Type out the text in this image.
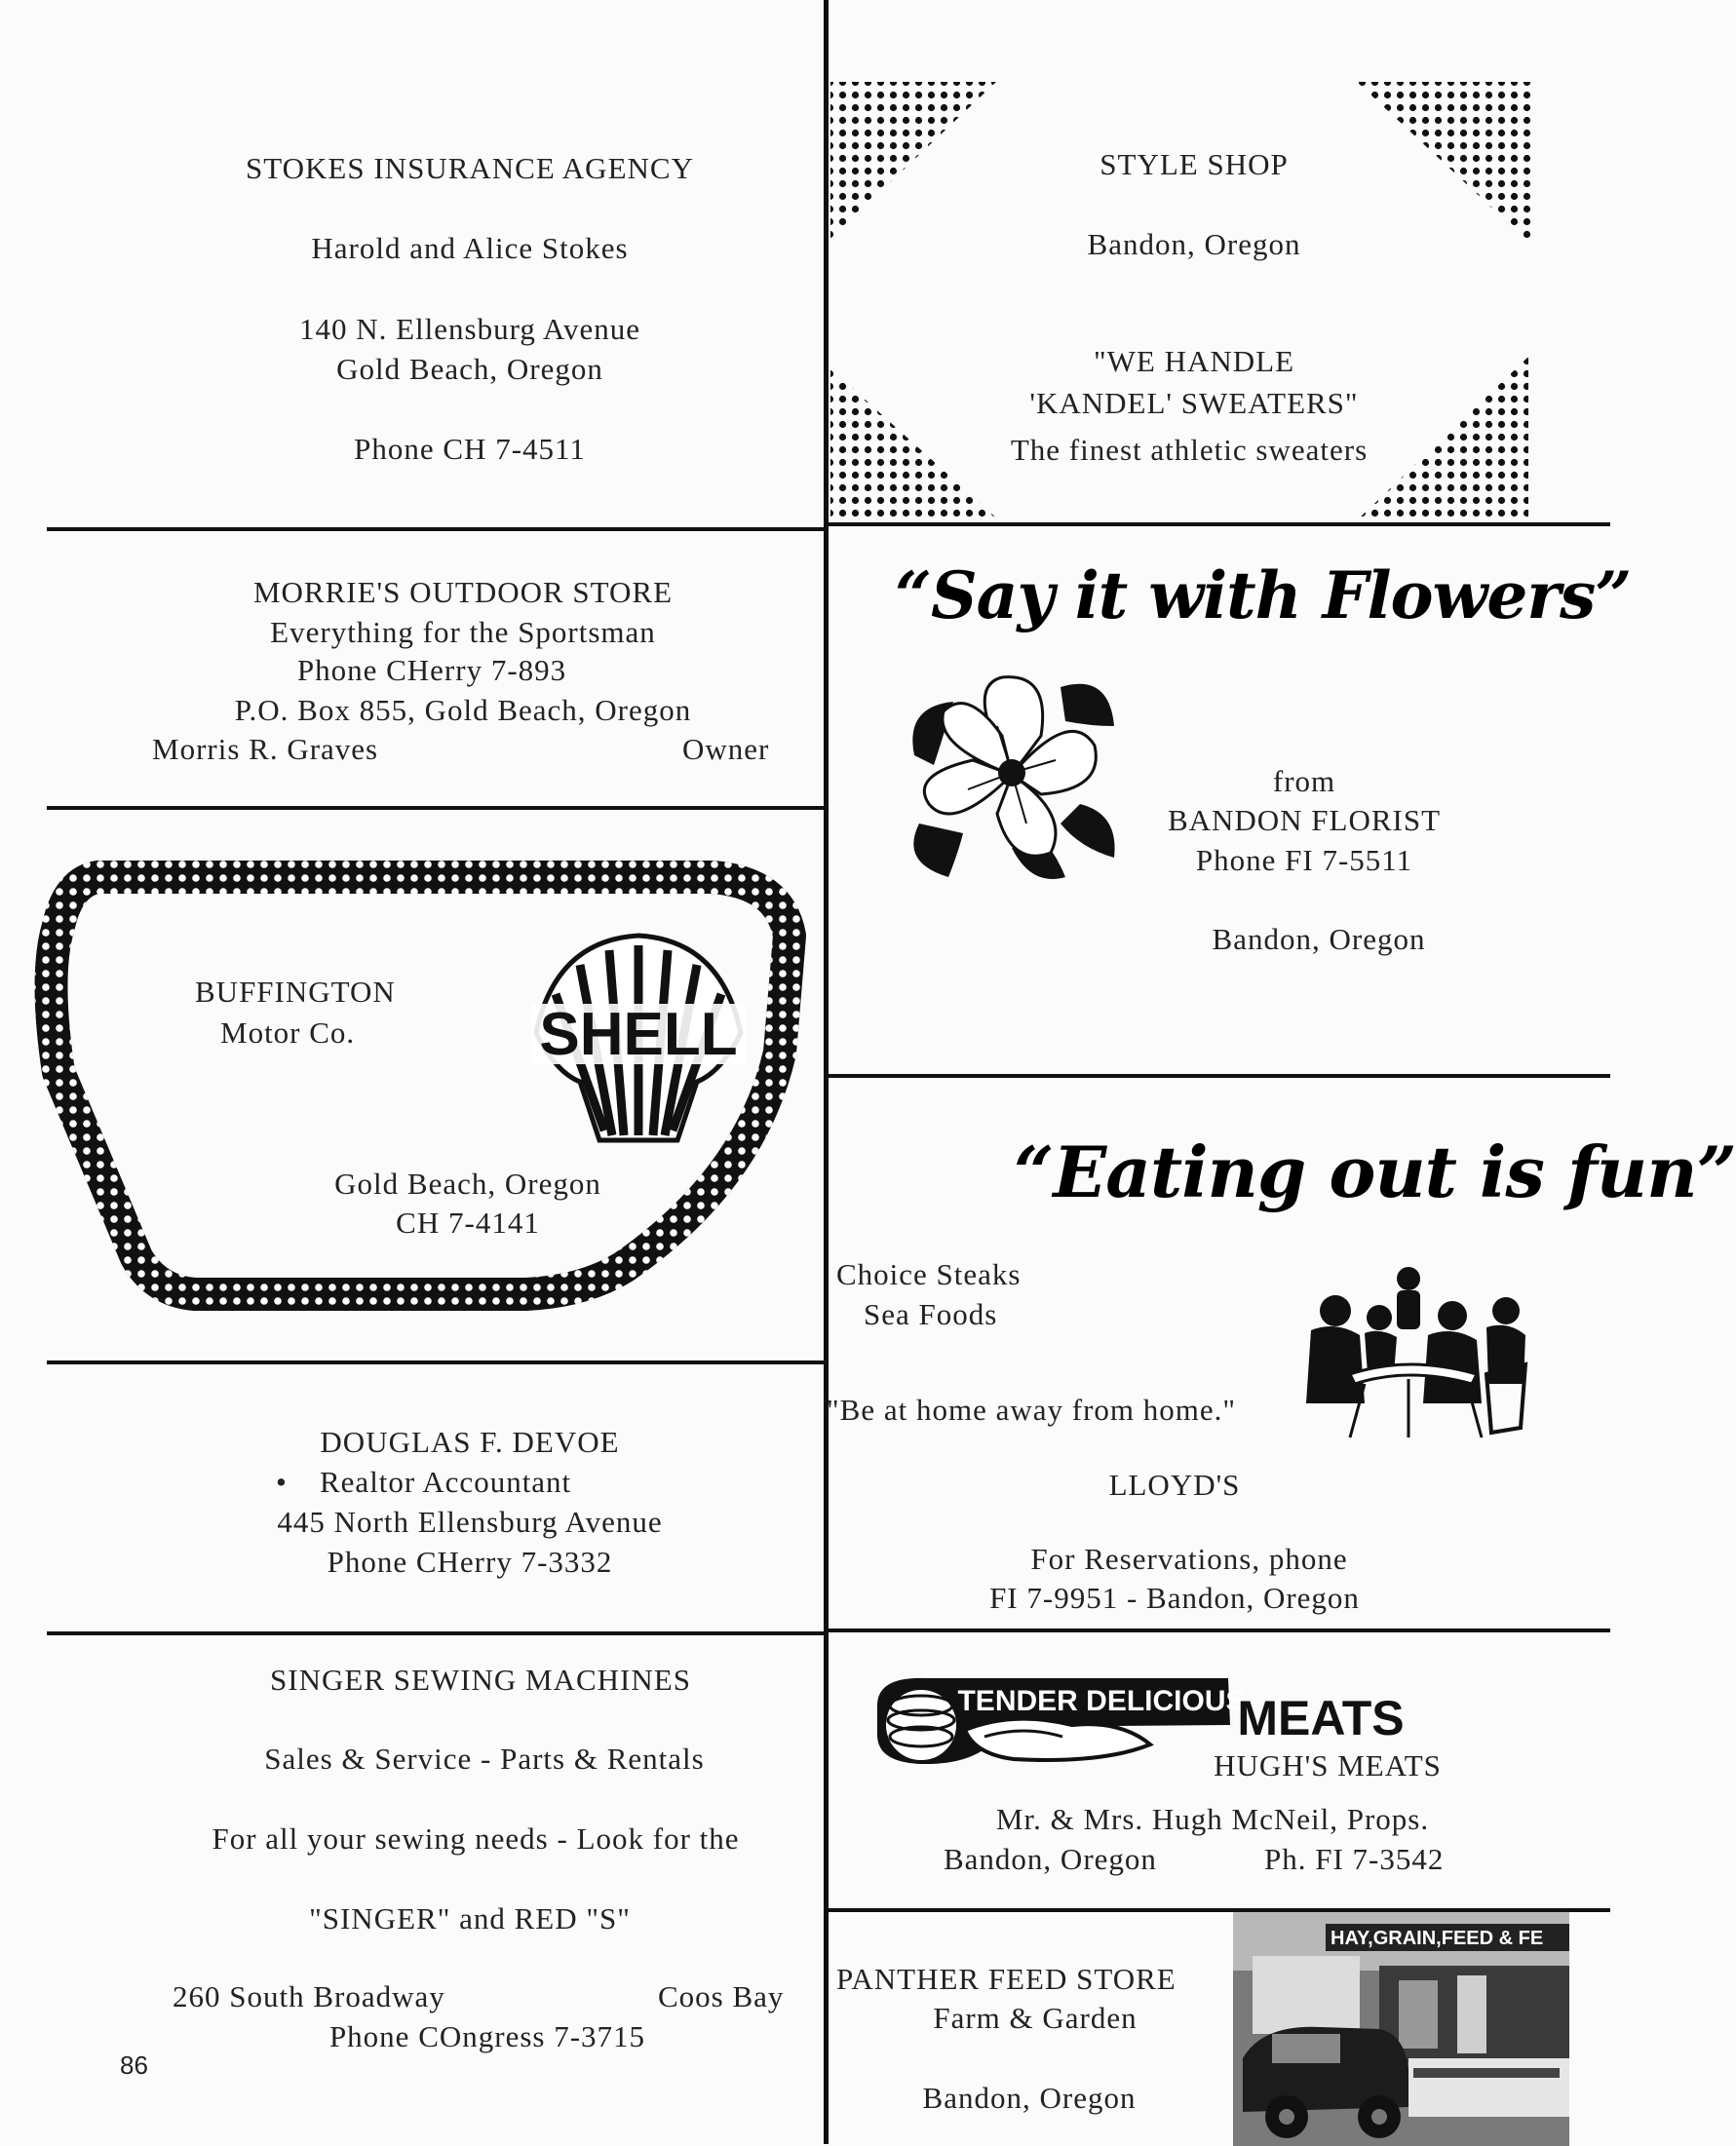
STOKES INSURANCE AGENCY
Harold and Alice Stokes
140 N. Ellensburg Avenue
Gold Beach, Oregon
Phone CH 7-4511
STYLE SHOP
Bandon, Oregon
"WE HANDLE
'KANDEL' SWEATERS"
The finest athletic sweaters
MORRIE'S OUTDOOR STORE
Everything for the Sportsman
Phone CHerry 7-893
P.O. Box 855, Gold Beach, Oregon
Morris R. Graves	Owner
“Say it with Flowers”
from
BANDON FLORIST
Phone FI 7-5511
Bandon, Oregon
BUFFINGTON
Motor Co.	SHELL
Gold Beach, Oregon
CH 7-4141
“Eating out is fun”
Choice Steaks
Sea Foods
"Be at home away from home."
LLOYD'S
For Reservations, phone
FI 7-9951 - Bandon, Oregon
DOUGLAS F. DEVOE
• Realtor Accountant
445 North Ellensburg Avenue
Phone CHerry 7-3332
TENDER DELICIOUS
MEATS
HUGH'S MEATS
Mr. & Mrs. Hugh McNeil, Props.
Bandon, Oregon	Ph. FI 7-3542
SINGER SEWING MACHINES
Sales & Service - Parts & Rentals
For all your sewing needs - Look for the
"SINGER" and RED "S"
260 South Broadway	Coos Bay
Phone COngress 7-3715
PANTHER FEED STORE
Farm & Garden
Bandon, Oregon
HAY,GRAIN,FEED & FE
86
